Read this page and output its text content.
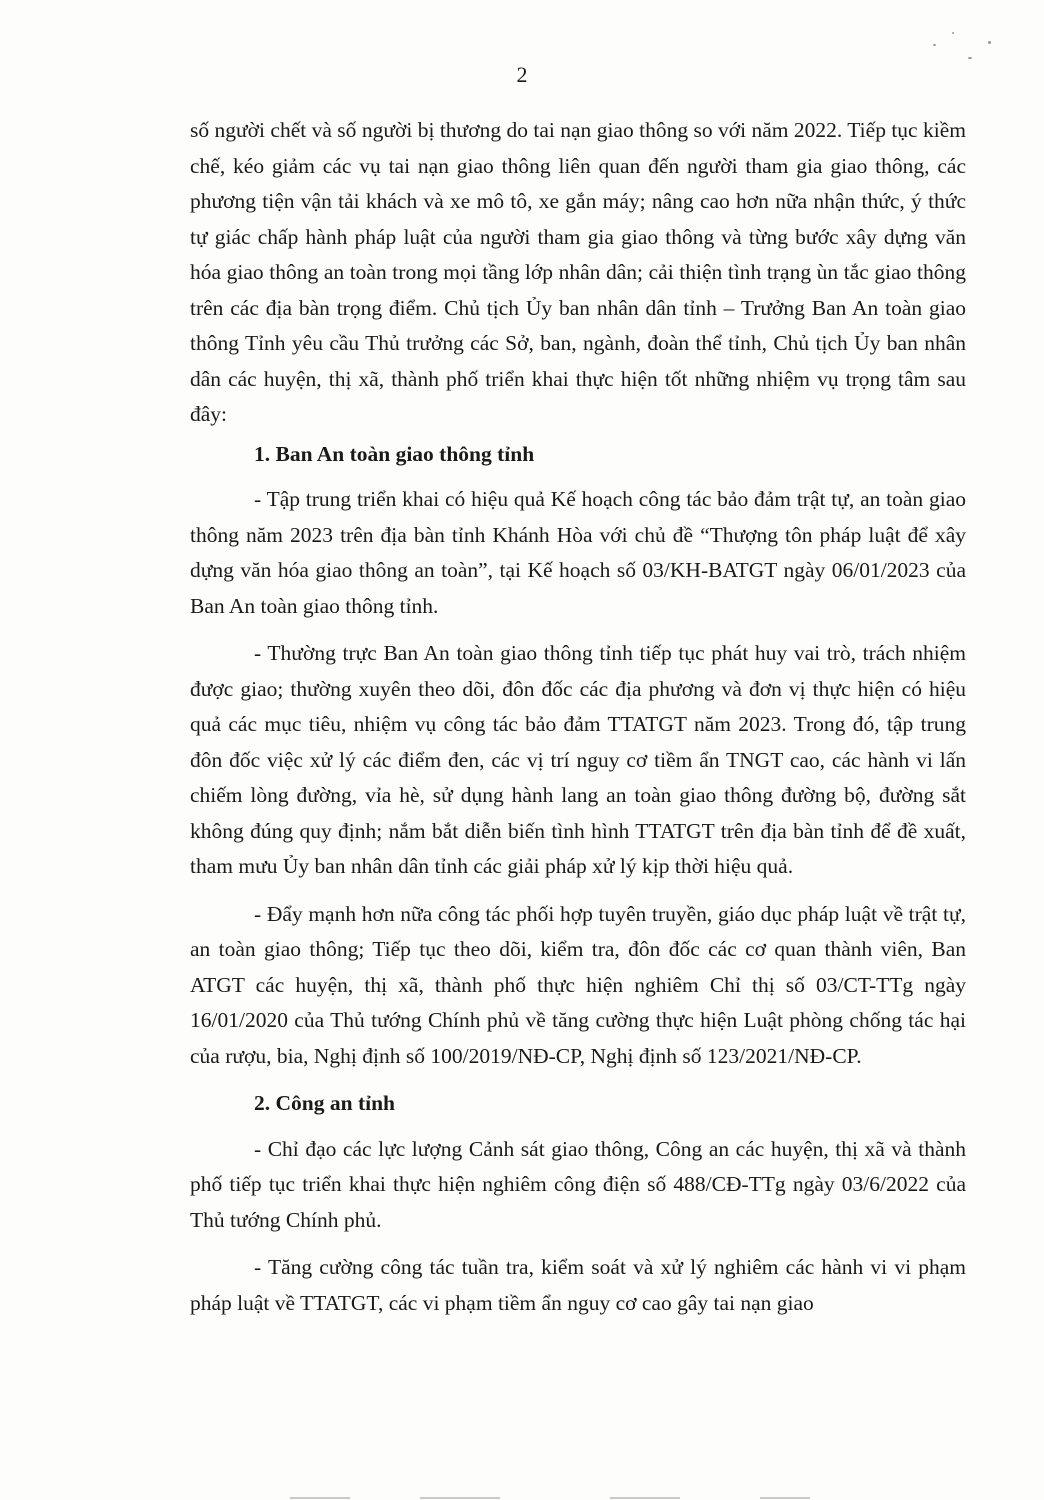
2

số người chết và số người bị thương do tai nạn giao thông so với năm 2022. Tiếp tục kiềm chế, kéo giảm các vụ tai nạn giao thông liên quan đến người tham gia giao thông, các phương tiện vận tải khách và xe mô tô, xe gắn máy; nâng cao hơn nữa nhận thức, ý thức tự giác chấp hành pháp luật của người tham gia giao thông và từng bước xây dựng văn hóa giao thông an toàn trong mọi tầng lớp nhân dân; cải thiện tình trạng ùn tắc giao thông trên các địa bàn trọng điểm. Chủ tịch Ủy ban nhân dân tỉnh – Trưởng Ban An toàn giao thông Tỉnh yêu cầu Thủ trưởng các Sở, ban, ngành, đoàn thể tỉnh, Chủ tịch Ủy ban nhân dân các huyện, thị xã, thành phố triển khai thực hiện tốt những nhiệm vụ trọng tâm sau đây:

1. Ban An toàn giao thông tỉnh

- Tập trung triển khai có hiệu quả Kế hoạch công tác bảo đảm trật tự, an toàn giao thông năm 2023 trên địa bàn tỉnh Khánh Hòa với chủ đề “Thượng tôn pháp luật để xây dựng văn hóa giao thông an toàn”, tại Kế hoạch số 03/KH-BATGT ngày 06/01/2023 của Ban An toàn giao thông tỉnh.

- Thường trực Ban An toàn giao thông tỉnh tiếp tục phát huy vai trò, trách nhiệm được giao; thường xuyên theo dõi, đôn đốc các địa phương và đơn vị thực hiện có hiệu quả các mục tiêu, nhiệm vụ công tác bảo đảm TTATGT năm 2023. Trong đó, tập trung đôn đốc việc xử lý các điểm đen, các vị trí nguy cơ tiềm ẩn TNGT cao, các hành vi lấn chiếm lòng đường, vỉa hè, sử dụng hành lang an toàn giao thông đường bộ, đường sắt không đúng quy định; nắm bắt diễn biến tình hình TTATGT trên địa bàn tỉnh để đề xuất, tham mưu Ủy ban nhân dân tỉnh các giải pháp xử lý kịp thời hiệu quả.

- Đẩy mạnh hơn nữa công tác phối hợp tuyên truyền, giáo dục pháp luật về trật tự, an toàn giao thông; Tiếp tục theo dõi, kiểm tra, đôn đốc các cơ quan thành viên, Ban ATGT các huyện, thị xã, thành phố thực hiện nghiêm Chỉ thị số 03/CT-TTg ngày 16/01/2020 của Thủ tướng Chính phủ về tăng cường thực hiện Luật phòng chống tác hại của rượu, bia, Nghị định số 100/2019/NĐ-CP, Nghị định số 123/2021/NĐ-CP.

2. Công an tỉnh

- Chỉ đạo các lực lượng Cảnh sát giao thông, Công an các huyện, thị xã và thành phố tiếp tục triển khai thực hiện nghiêm công điện số 488/CĐ-TTg ngày 03/6/2022 của Thủ tướng Chính phủ.

- Tăng cường công tác tuần tra, kiểm soát và xử lý nghiêm các hành vi vi phạm pháp luật về TTATGT, các vi phạm tiềm ẩn nguy cơ cao gây tai nạn giao
